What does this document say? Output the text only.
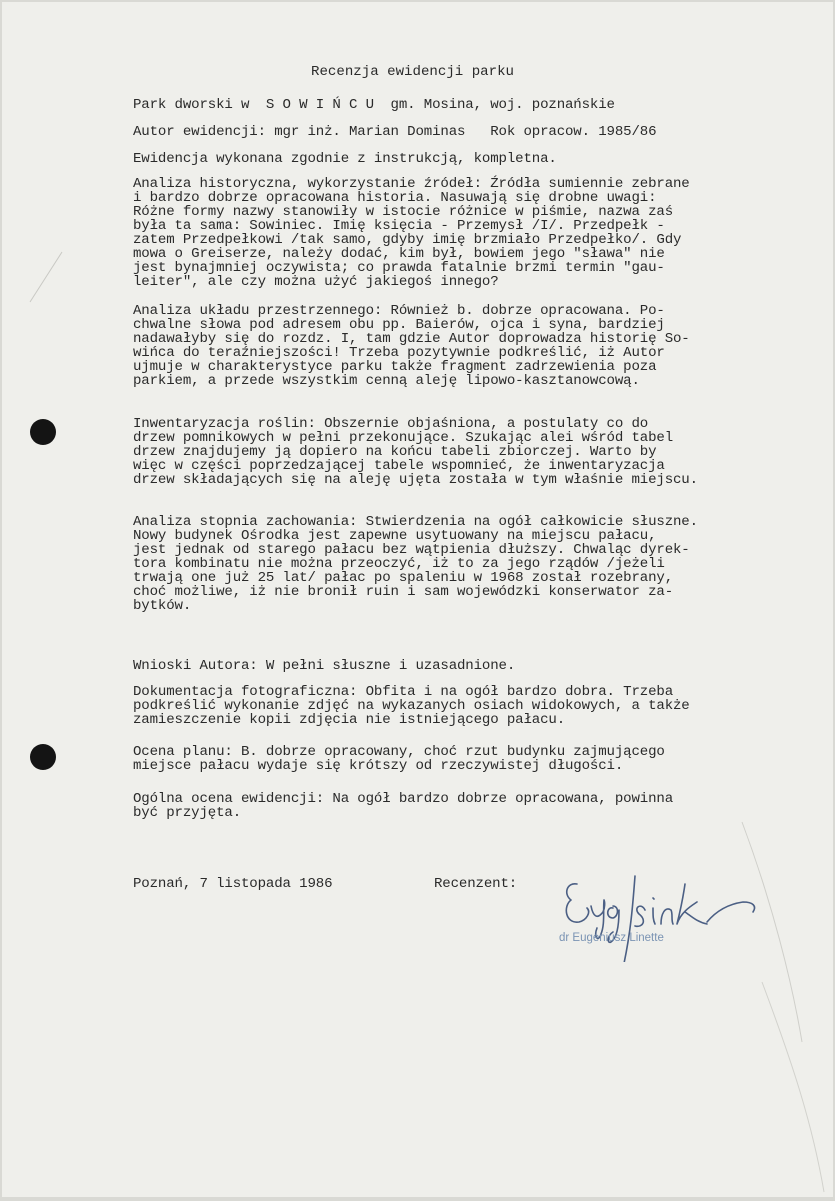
Recenzja ewidencji parku
Park dworski w  S O W I Ń C U  gm. Mosina, woj. poznańskie
Autor ewidencji: mgr inż. Marian Dominas   Rok opracow. 1985/86
Ewidencja wykonana zgodnie z instrukcją, kompletna.
Analiza historyczna, wykorzystanie źródeł: Źródła sumiennie zebrane
i bardzo dobrze opracowana historia. Nasuwają się drobne uwagi:
Różne formy nazwy stanowiły w istocie różnice w piśmie, nazwa zaś
była ta sama: Sowiniec. Imię księcia - Przemysł /I/. Przedpełk -
zatem Przedpełkowi /tak samo, gdyby imię brzmiało Przedpełko/. Gdy
mowa o Greiserze, należy dodać, kim był, bowiem jego "sława" nie
jest bynajmniej oczywista; co prawda fatalnie brzmi termin "gau-
leiter", ale czy można użyć jakiegoś innego?
Analiza układu przestrzennego: Również b. dobrze opracowana. Po-
chwalne słowa pod adresem obu pp. Baierów, ojca i syna, bardziej
nadawałyby się do rozdz. I, tam gdzie Autor doprowadza historię So-
wińca do teraźniejszości! Trzeba pozytywnie podkreślić, iż Autor
ujmuje w charakterystyce parku także fragment zadrzewienia poza
parkiem, a przede wszystkim cenną aleję lipowo-kasztanowcową.
Inwentaryzacja roślin: Obszernie objaśniona, a postulaty co do
drzew pomnikowych w pełni przekonujące. Szukając alei wśród tabel
drzew znajdujemy ją dopiero na końcu tabeli zbiorczej. Warto by
więc w części poprzedzającej tabele wspomnieć, że inwentaryzacja
drzew składających się na aleję ujęta została w tym właśnie miejscu.
Analiza stopnia zachowania: Stwierdzenia na ogół całkowicie słuszne.
Nowy budynek Ośrodka jest zapewne usytuowany na miejscu pałacu,
jest jednak od starego pałacu bez wątpienia dłuższy. Chwaląc dyrek-
tora kombinatu nie można przeoczyć, iż to za jego rządów /jeżeli
trwają one już 25 lat/ pałac po spaleniu w 1968 został rozebrany,
choć możliwe, iż nie bronił ruin i sam wojewódzki konserwator za-
bytków.
Wnioski Autora: W pełni słuszne i uzasadnione.
Dokumentacja fotograficzna: Obfita i na ogół bardzo dobra. Trzeba
podkreślić wykonanie zdjęć na wykazanych osiach widokowych, a także
zamieszczenie kopii zdjęcia nie istniejącego pałacu.
Ocena planu: B. dobrze opracowany, choć rzut budynku zajmującego
miejsce pałacu wydaje się krótszy od rzeczywistej długości.
Ogólna ocena ewidencji: Na ogół bardzo dobrze opracowana, powinna
być przyjęta.
Poznań, 7 listopada 1986	Recenzent:
dr Eugeniusz Linette
